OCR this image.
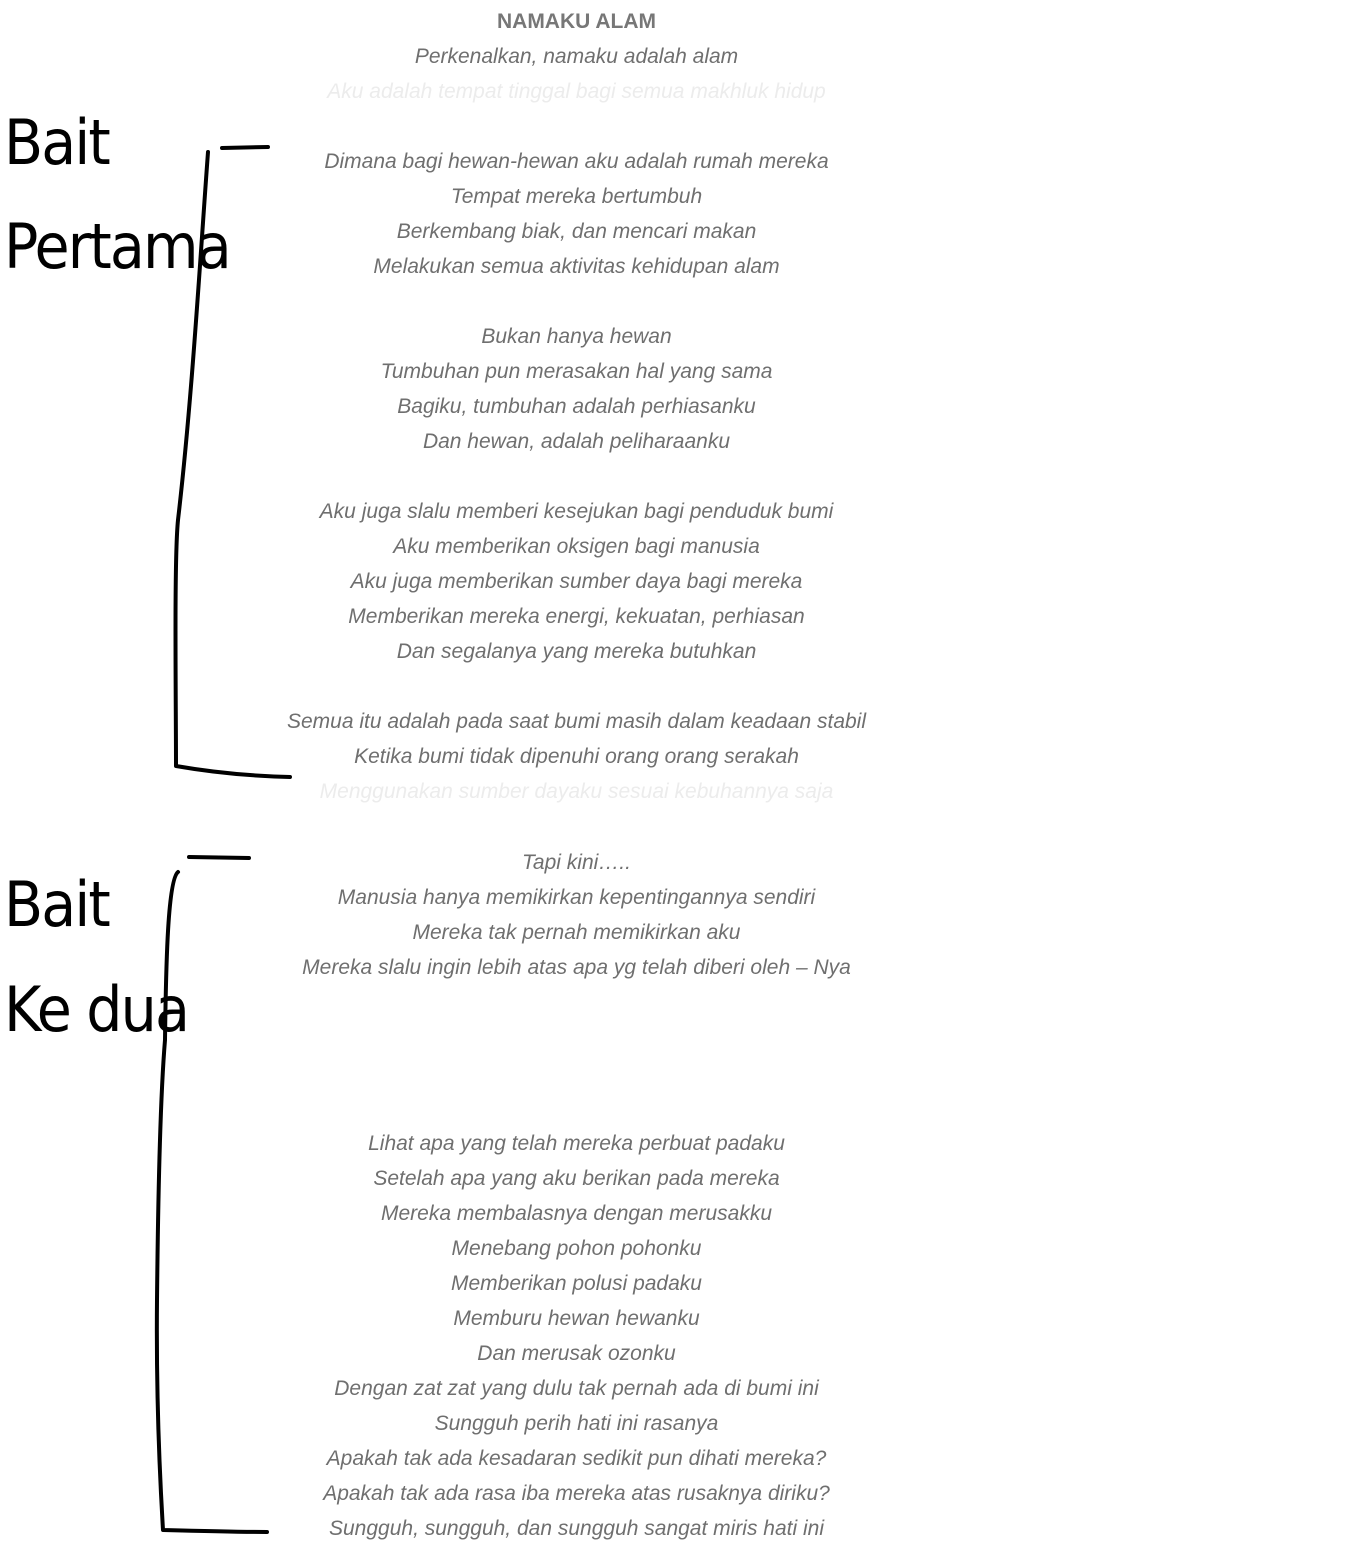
NAMAKU ALAM
Perkenalkan, namaku adalah alam
Aku adalah tempat tinggal bagi semua makhluk hidup
Dimana bagi hewan-hewan aku adalah rumah mereka
Tempat mereka bertumbuh
Berkembang biak, dan mencari makan
Melakukan semua aktivitas kehidupan alam
Bukan hanya hewan
Tumbuhan pun merasakan hal yang sama
Bagiku, tumbuhan adalah perhiasanku
Dan hewan, adalah peliharaanku
Aku juga slalu memberi kesejukan bagi penduduk bumi
Aku memberikan oksigen bagi manusia
Aku juga memberikan sumber daya bagi mereka
Memberikan mereka energi, kekuatan, perhiasan
Dan segalanya yang mereka butuhkan
Semua itu adalah pada saat bumi masih dalam keadaan stabil
Ketika bumi tidak dipenuhi orang orang serakah
Menggunakan sumber dayaku sesuai kebuhannya saja
Tapi kini…..
Manusia hanya memikirkan kepentingannya sendiri
Mereka tak pernah memikirkan aku
Mereka slalu ingin lebih atas apa yg telah diberi oleh – Nya
Lihat apa yang telah mereka perbuat padaku
Setelah apa yang aku berikan pada mereka
Mereka membalasnya dengan merusakku
Menebang pohon pohonku
Memberikan polusi padaku
Memburu hewan hewanku
Dan merusak ozonku
Dengan zat zat yang dulu tak pernah ada di bumi ini
Sungguh perih hati ini rasanya
Apakah tak ada kesadaran sedikit pun dihati mereka?
Apakah tak ada rasa iba mereka atas rusaknya diriku?
Sungguh, sungguh, dan sungguh sangat miris hati ini
Bait
Pertama
Bait
Ke dua
